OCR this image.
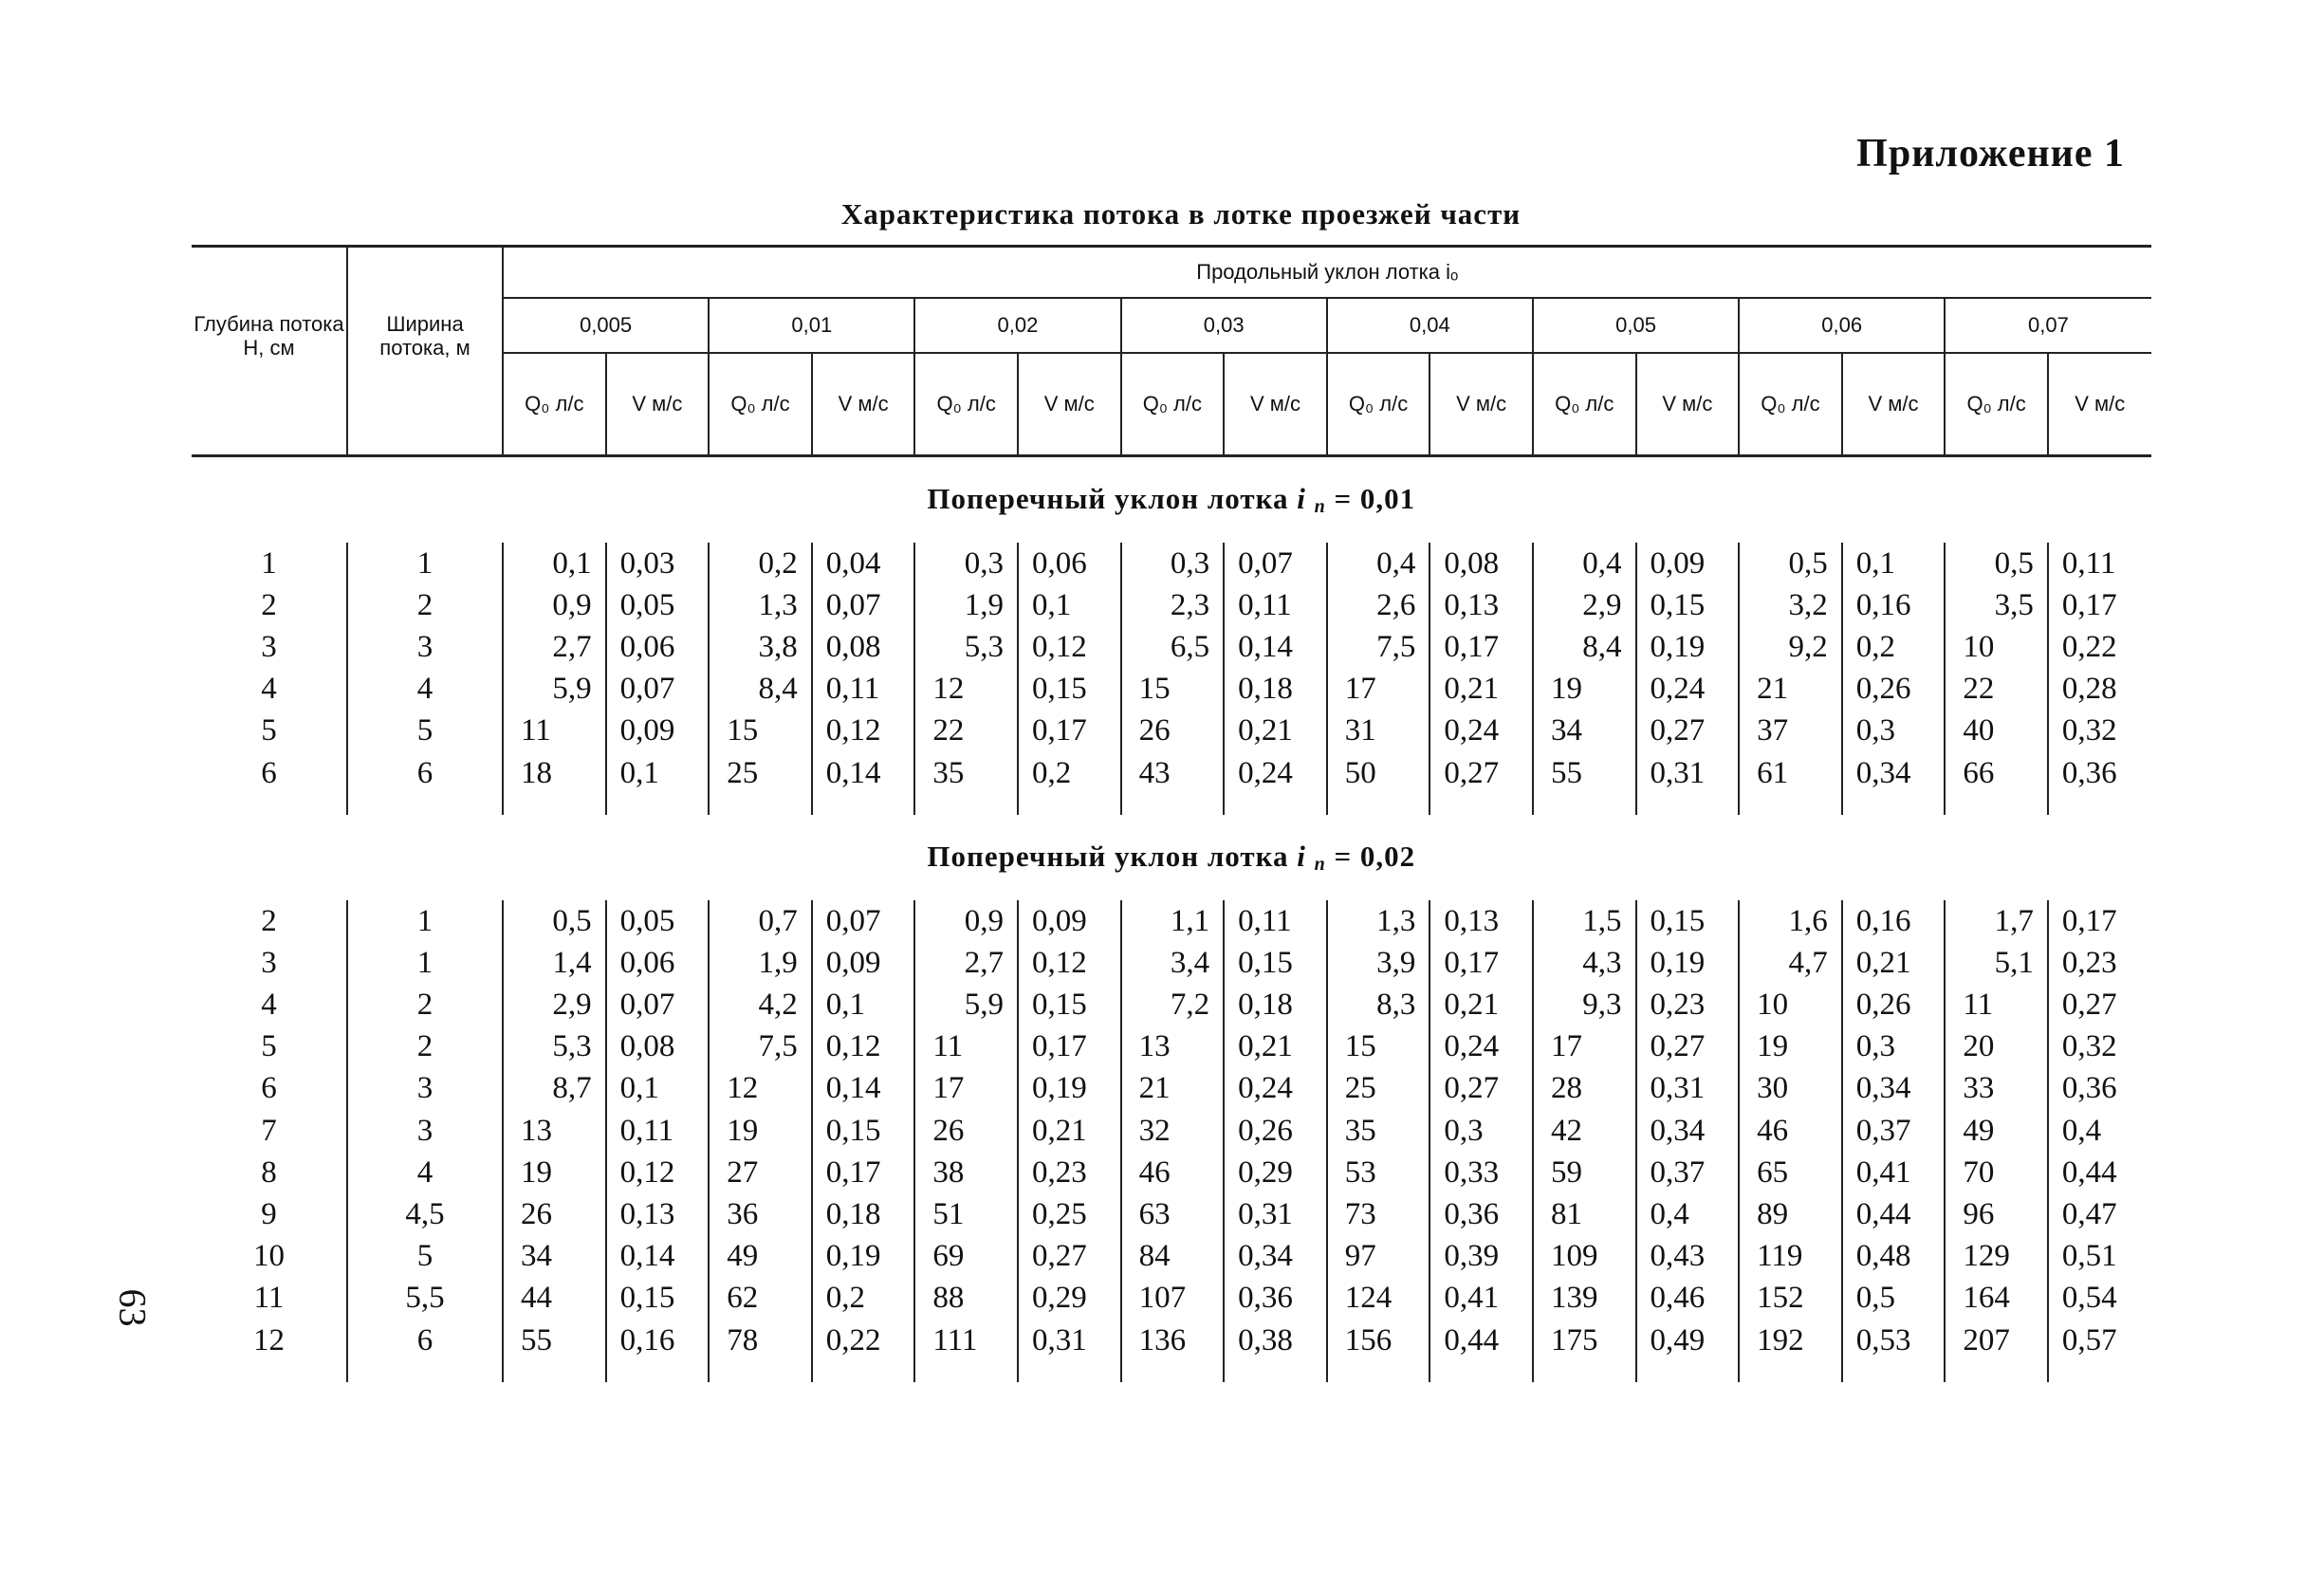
Приложение 1
Характеристика потока в лотке проезжей части
63
Глубина потока H, см	Ширина потока, м	Продольный уклон лотка iₒ															
		0,005		0,01		0,02		0,03		0,04		0,05		0,06		0,07	
		Q₀ л/с	V м/с	Q₀ л/с	V м/с	Q₀ л/с	V м/с	Q₀ л/с	V м/с	Q₀ л/с	V м/с	Q₀ л/с	V м/с	Q₀ л/с	V м/с	Q₀ л/с	V м/с
Поперечный уклон лотка i $_n$ = 0,01																	
1	1	0,1	0,03	0,2	0,04	0,3	0,06	0,3	0,07	0,4	0,08	0,4	0,09	0,5	0,1	0,5	0,11
2	2	0,9	0,05	1,3	0,07	1,9	0,1	2,3	0,11	2,6	0,13	2,9	0,15	3,2	0,16	3,5	0,17
3	3	2,7	0,06	3,8	0,08	5,3	0,12	6,5	0,14	7,5	0,17	8,4	0,19	9,2	0,2	10	0,22
4	4	5,9	0,07	8,4	0,11	12	0,15	15	0,18	17	0,21	19	0,24	21	0,26	22	0,28
5	5	11	0,09	15	0,12	22	0,17	26	0,21	31	0,24	34	0,27	37	0,3	40	0,32
6	6	18	0,1	25	0,14	35	0,2	43	0,24	50	0,27	55	0,31	61	0,34	66	0,36

Поперечный уклон лотка i $_n$ = 0,02																	
2	1	0,5	0,05	0,7	0,07	0,9	0,09	1,1	0,11	1,3	0,13	1,5	0,15	1,6	0,16	1,7	0,17
3	1	1,4	0,06	1,9	0,09	2,7	0,12	3,4	0,15	3,9	0,17	4,3	0,19	4,7	0,21	5,1	0,23
4	2	2,9	0,07	4,2	0,1	5,9	0,15	7,2	0,18	8,3	0,21	9,3	0,23	10	0,26	11	0,27
5	2	5,3	0,08	7,5	0,12	11	0,17	13	0,21	15	0,24	17	0,27	19	0,3	20	0,32
6	3	8,7	0,1	12	0,14	17	0,19	21	0,24	25	0,27	28	0,31	30	0,34	33	0,36
7	3	13	0,11	19	0,15	26	0,21	32	0,26	35	0,3	42	0,34	46	0,37	49	0,4
8	4	19	0,12	27	0,17	38	0,23	46	0,29	53	0,33	59	0,37	65	0,41	70	0,44
9	4,5	26	0,13	36	0,18	51	0,25	63	0,31	73	0,36	81	0,4	89	0,44	96	0,47
10	5	34	0,14	49	0,19	69	0,27	84	0,34	97	0,39	109	0,43	119	0,48	129	0,51
11	5,5	44	0,15	62	0,2	88	0,29	107	0,36	124	0,41	139	0,46	152	0,5	164	0,54
12	6	55	0,16	78	0,22	111	0,31	136	0,38	156	0,44	175	0,49	192	0,53	207	0,57
